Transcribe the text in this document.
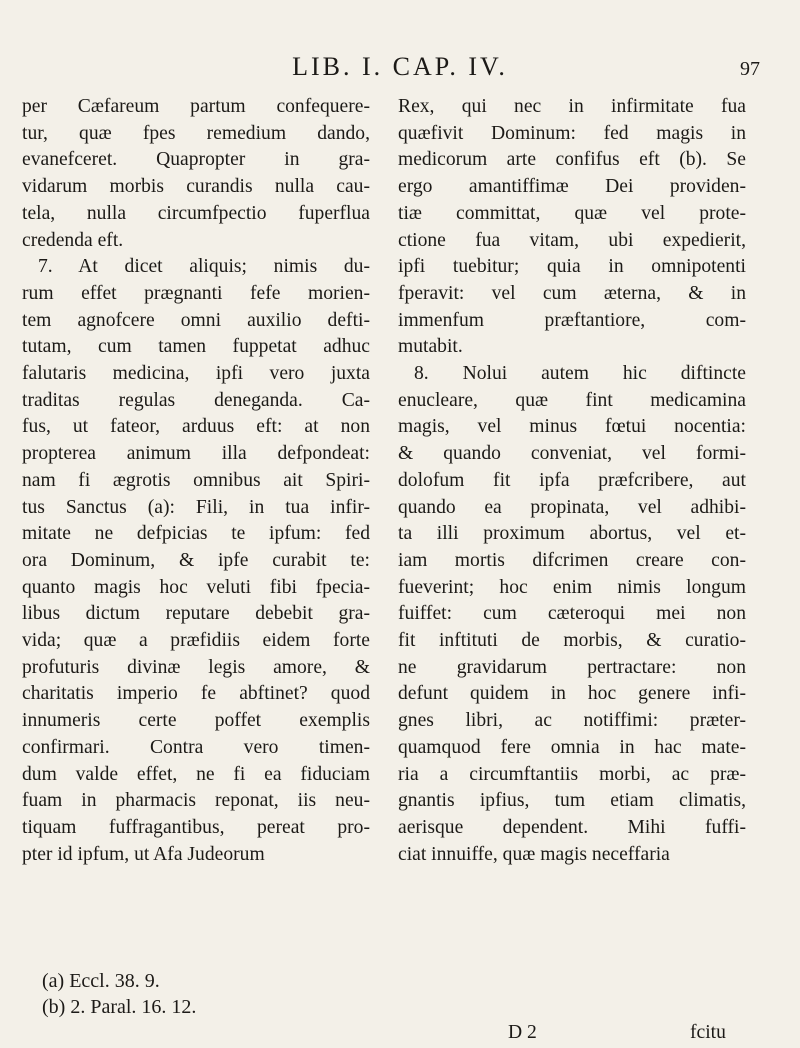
LIB. I. CAP. IV.	97
per Cæfareum partum confequere-
tur, quæ fpes remedium dando,
evanefceret. Quapropter in gra-
vidarum morbis curandis nulla cau-
tela, nulla circumfpectio fuperflua
credenda eft.
7. At dicet aliquis; nimis du-
rum effet prægnanti fefe morien-
tem agnofcere omni auxilio defti-
tutam, cum tamen fuppetat adhuc
falutaris medicina, ipfi vero juxta
traditas regulas deneganda. Ca-
fus, ut fateor, arduus eft: at non
propterea animum illa defpondeat:
nam fi ægrotis omnibus ait Spiri-
tus Sanctus (a): Fili, in tua infir-
mitate ne defpicias te ipfum: fed
ora Dominum, & ipfe curabit te:
quanto magis hoc veluti fibi fpecia-
libus dictum reputare debebit gra-
vida; quæ a præfidiis eidem forte
profuturis divinæ legis amore, &
charitatis imperio fe abftinet? quod
innumeris certe poffet exemplis
confirmari. Contra vero timen-
dum valde effet, ne fi ea fiduciam
fuam in pharmacis reponat, iis neu-
tiquam fuffragantibus, pereat pro-
pter id ipfum, ut Afa Judeorum
Rex, qui nec in infirmitate fua
quæfivit Dominum: fed magis in
medicorum arte confifus eft (b). Se
ergo amantiffimæ Dei providen-
tiæ committat, quæ vel prote-
ctione fua vitam, ubi expedierit,
ipfi tuebitur; quia in omnipotenti
fperavit: vel cum æterna, & in
immenfum præftantiore, com-
mutabit.
8. Nolui autem hic diftincte
enucleare, quæ fint medicamina
magis, vel minus fœtui nocentia:
& quando conveniat, vel formi-
dolofum fit ipfa præfcribere, aut
quando ea propinata, vel adhibi-
ta illi proximum abortus, vel et-
iam mortis difcrimen creare con-
fueverint; hoc enim nimis longum
fuiffet: cum cæteroqui mei non
fit inftituti de morbis, & curatio-
ne gravidarum pertractare: non
defunt quidem in hoc genere infi-
gnes libri, ac notiffimi: præter-
quamquod fere omnia in hac mate-
ria a circumftantiis morbi, ac præ-
gnantis ipfius, tum etiam climatis,
aerisque dependent. Mihi fuffi-
ciat innuiffe, quæ magis neceffaria
D 2	fcitu
(a) Eccl. 38. 9.
(b) 2. Paral. 16. 12.
